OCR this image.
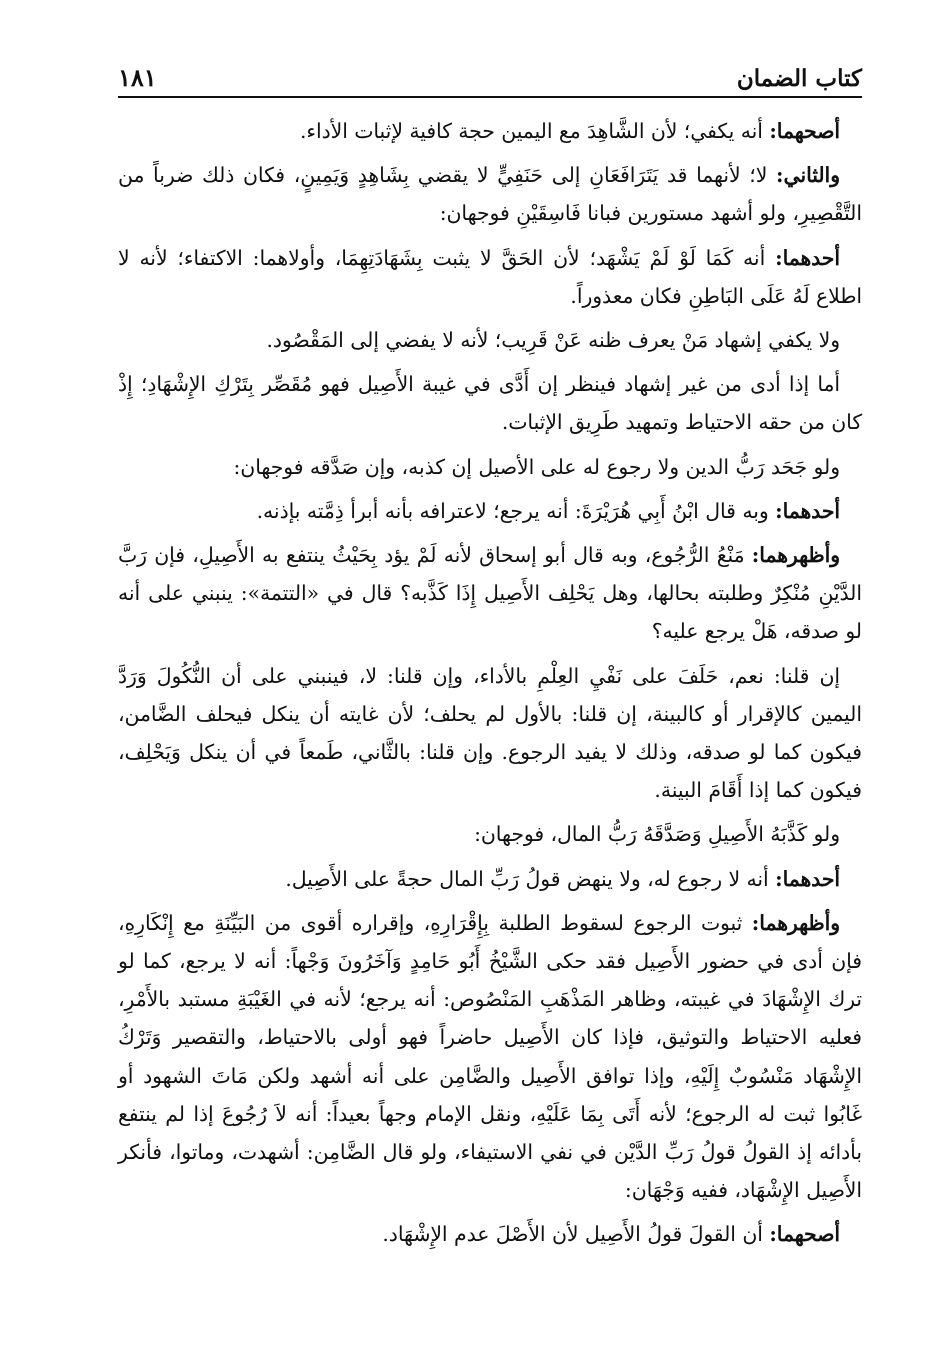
كتاب الضمان
١٨١

أصحهما: أنه يكفي؛ لأن الشَّاهِدَ مع اليمين حجة كافية لإثبات الأداء.

والثاني: لا؛ لأنهما قد يَتَرَافَعَانِ إلى حَنَفِيٍّ لا يقضي بِشَاهِدٍ وَيَمِينٍ، فكان ذلك ضرباً من التَّقْصِيرِ، ولو أشهد مستورين فبانا فَاسِقَيْنِ فوجهان:

أحدهما: أنه كَمَا لَوْ لَمْ يَشْهَد؛ لأن الحَقَّ لا يثبت بِشَهَادَتِهِمَا، وأولاهما: الاكتفاء؛ لأنه لا اطلاع لَهُ عَلَى البَاطِنِ فكان معذوراً.

ولا يكفي إشهاد مَنْ يعرف ظنه عَنْ قَرِيب؛ لأنه لا يفضي إلى المَقْصُود.

أما إذا أدى من غير إشهاد فينظر إن أَدَّى في غيبة الأَصِيل فهو مُقَصِّر بِتَرْكِ الإِشْهَادِ؛ إِذْ كان من حقه الاحتياط وتمهيد طَرِيق الإثبات.

ولو جَحَد رَبُّ الدين ولا رجوع له على الأصيل إن كذبه، وإن صَدَّقه فوجهان:

أحدهما: وبه قال ابْنُ أَبِي هُرَيْرَةَ: أنه يرجع؛ لاعترافه بأنه أبرأ ذِمَّته بإذنه.

وأظهرهما: مَنْعُ الرُّجُوع، وبه قال أبو إسحاق لأنه لَمْ يؤد بِحَيْثُ ينتفع به الأَصِيلِ، فإن رَبَّ الدَّيْنِ مُنْكِرٌ وطلبته بحالها، وهل يَحْلِف الأَصِيل إِذَا كَذَّبه؟ قال في «التتمة»: ينبني على أنه لو صدقه، هَلْ يرجع عليه؟

إن قلنا: نعم، حَلَفَ على نَفْيِ العِلْمِ بالأداء، وإن قلنا: لا، فينبني على أن النُّكُولَ وَرَدَّ اليمين كالإقرار أو كالبينة، إن قلنا: بالأول لم يحلف؛ لأن غايته أن ينكل فيحلف الضَّامن، فيكون كما لو صدقه، وذلك لا يفيد الرجوع. وإن قلنا: بالثَّاني، طَمعاً في أن ينكل وَيَحْلِف، فيكون كما إذا أَقَامَ البينة.

ولو كَذَّبَهُ الأَصِيلِ وَصَدَّقَهُ رَبُّ المال، فوجهان:

أحدهما: أنه لا رجوع له، ولا ينهض قولُ رَبِّ المال حجةً على الأَصِيل.

وأظهرهما: ثبوت الرجوع لسقوط الطلبة بِإِقْرَارِهِ، وإقراره أقوى من البَيِّنَةِ مع إِنْكَارِهِ، فإن أدى في حضور الأَصِيل فقد حكى الشَّيْخُ أَبُو حَامِدٍ وَآخَرُونَ وَجْهاً: أنه لا يرجع، كما لو ترك الإِشْهَادَ في غيبته، وظاهر المَذْهَبِ المَنْصُوص: أنه يرجع؛ لأنه في الغَيْبَةِ مستبد بالأَمْرِ، فعليه الاحتياط والتوثيق، فإذا كان الأَصِيل حاضراً فهو أولى بالاحتياط، والتقصير وَتَرْكُ الإِشْهَاد مَنْسُوبٌ إِلَيْهِ، وإذا توافق الأَصِيل والضَّامِن على أنه أشهد ولكن مَاتَ الشهود أو غَابُوا ثبت له الرجوع؛ لأنه أَتَى بِمَا عَلَيْهِ، ونقل الإمام وجهاً بعيداً: أنه لاَ رُجُوعَ إذا لم ينتفع بأدائه إذ القولُ قولُ رَبِّ الدَّيْن في نفي الاستيفاء، ولو قال الضَّامِن: أشهدت، وماتوا، فأنكر الأَصِيل الإِشْهَاد، ففيه وَجْهَان:

أصحهما: أن القولَ قولُ الأَصِيل لأن الأَصْلَ عدم الإِشْهَاد.
